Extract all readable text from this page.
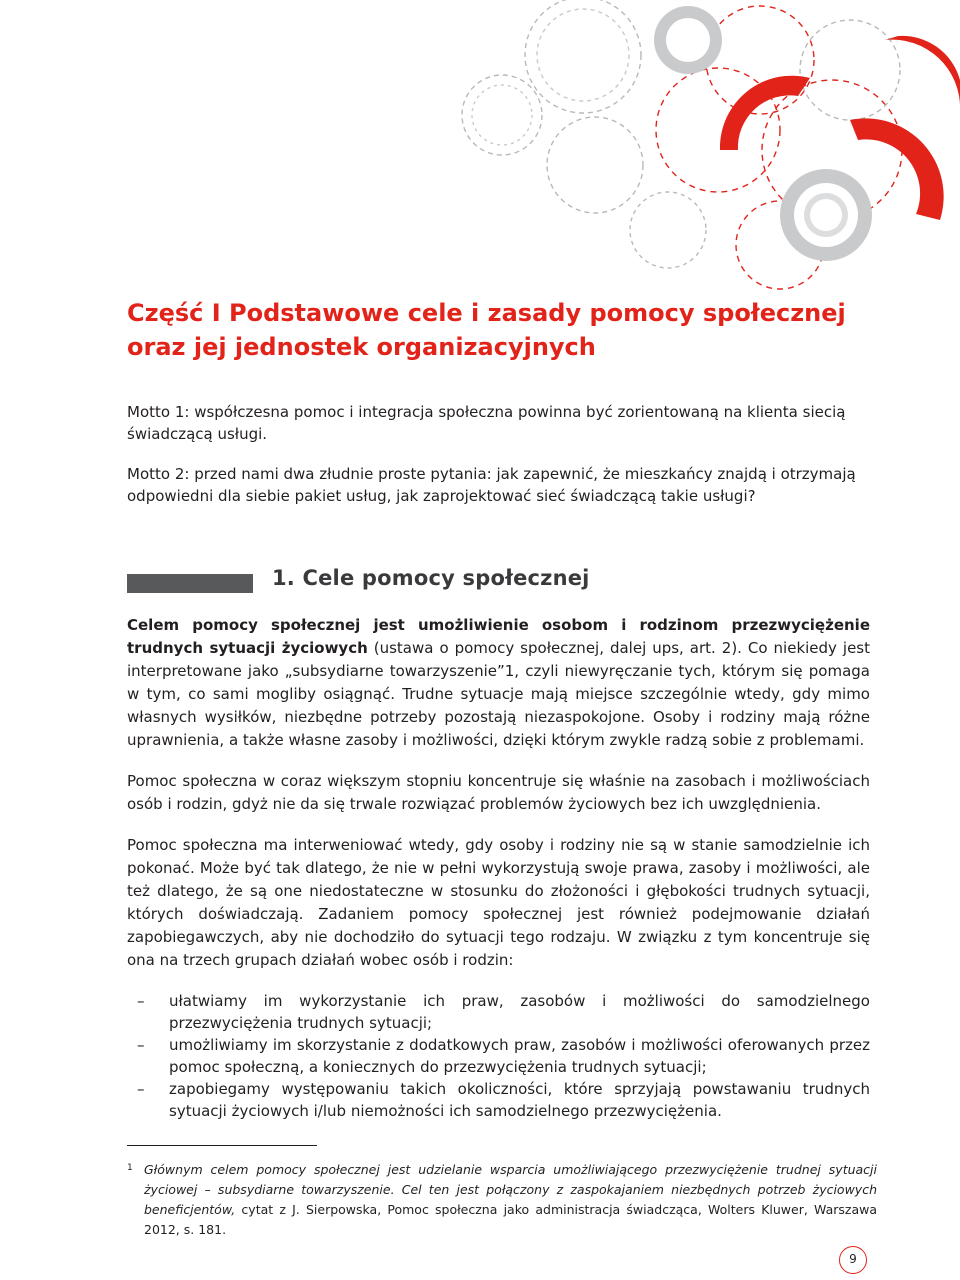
Część I Podstawowe cele i zasady pomocy społecznej
oraz jej jednostek organizacyjnych

Motto 1: współczesna pomoc i integracja społeczna powinna być zorientowaną na klienta siecią świadczącą usługi.

Motto 2: przed nami dwa złudnie proste pytania: jak zapewnić, że mieszkańcy znajdą i otrzymają odpowiedni dla siebie pakiet usług, jak zaprojektować sieć świadczącą takie usługi?

1. Cele pomocy społecznej

Celem pomocy społecznej jest umożliwienie osobom i rodzinom przezwyciężenie trudnych sytuacji życiowych (ustawa o pomocy społecznej, dalej ups, art. 2). Co niekiedy jest interpretowane jako „subsydiarne towarzyszenie”1, czyli niewyręczanie tych, którym się pomaga w tym, co sami mogliby osiągnąć. Trudne sytuacje mają miejsce szczególnie wtedy, gdy mimo własnych wysiłków, niezbędne potrzeby pozostają niezaspokojone. Osoby i rodziny mają różne uprawnienia, a także własne zasoby i możliwości, dzięki którym zwykle radzą sobie z problemami.

Pomoc społeczna w coraz większym stopniu koncentruje się właśnie na zasobach i możliwościach osób i rodzin, gdyż nie da się trwale rozwiązać problemów życiowych bez ich uwzględnienia.

Pomoc społeczna ma interweniować wtedy, gdy osoby i rodziny nie są w stanie samodzielnie ich pokonać. Może być tak dlatego, że nie w pełni wykorzystują swoje prawa, zasoby i możliwości, ale też dlatego, że są one niedostateczne w stosunku do złożoności i głębokości trudnych sytuacji, których doświadczają. Zadaniem pomocy społecznej jest również podejmowanie działań zapobiegawczych, aby nie dochodziło do sytuacji tego rodzaju. W związku z tym koncentruje się ona na trzech grupach działań wobec osób i rodzin:

–	ułatwiamy im wykorzystanie ich praw, zasobów i możliwości do samodzielnego przezwyciężenia trudnych sytuacji;
–	umożliwiamy im skorzystanie z dodatkowych praw, zasobów i możliwości oferowanych przez pomoc społeczną, a koniecznych do przezwyciężenia trudnych sytuacji;
–	zapobiegamy występowaniu takich okoliczności, które sprzyjają powstawaniu trudnych sytuacji życiowych i/lub niemożności ich samodzielnego przezwyciężenia.
1 Głównym celem pomocy społecznej jest udzielanie wsparcia umożliwiającego przezwyciężenie trudnej sytuacji życiowej – subsydiarne towarzyszenie. Cel ten jest połączony z zaspokajaniem niezbędnych potrzeb życiowych beneficjentów, cytat z J. Sierpowska, Pomoc społeczna jako administracja świadcząca, Wolters Kluwer, Warszawa 2012, s. 181.
9
